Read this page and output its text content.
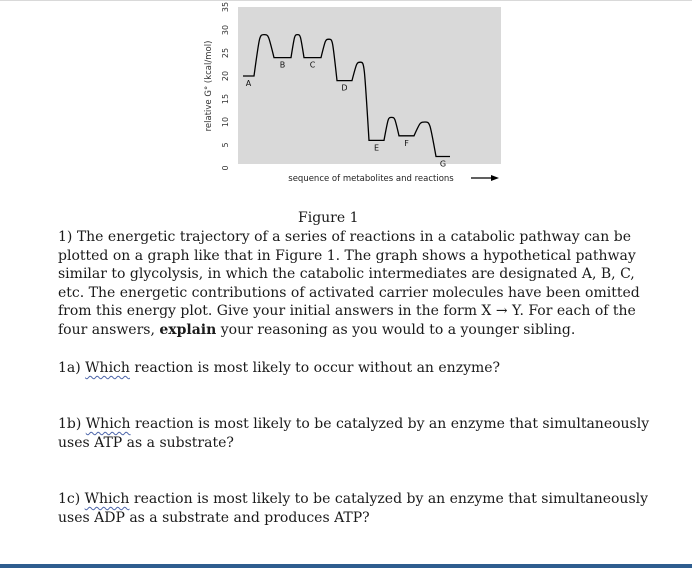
0
5
10
15
20
25
30
35
relative G° (kcal/mol)	A
B	C
D
E
F
G
sequence of metabolites and reactions
Figure 1

1) The energetic trajectory of a series of reactions in a catabolic pathway can be plotted on a graph like that in Figure 1. The graph shows a hypothetical pathway similar to glycolysis, in which the catabolic intermediates are designated A, B, C, etc. The energetic contributions of activated carrier molecules have been omitted from this energy plot. Give your initial answers in the form X → Y. For each of the four answers, explain your reasoning as you would to a younger sibling.

1a) Which reaction is most likely to occur without an enzyme?
1b) Which reaction is most likely to be catalyzed by an enzyme that simultaneously uses ATP as a substrate?
1c) Which reaction is most likely to be catalyzed by an enzyme that simultaneously uses ADP as a substrate and produces ATP?
